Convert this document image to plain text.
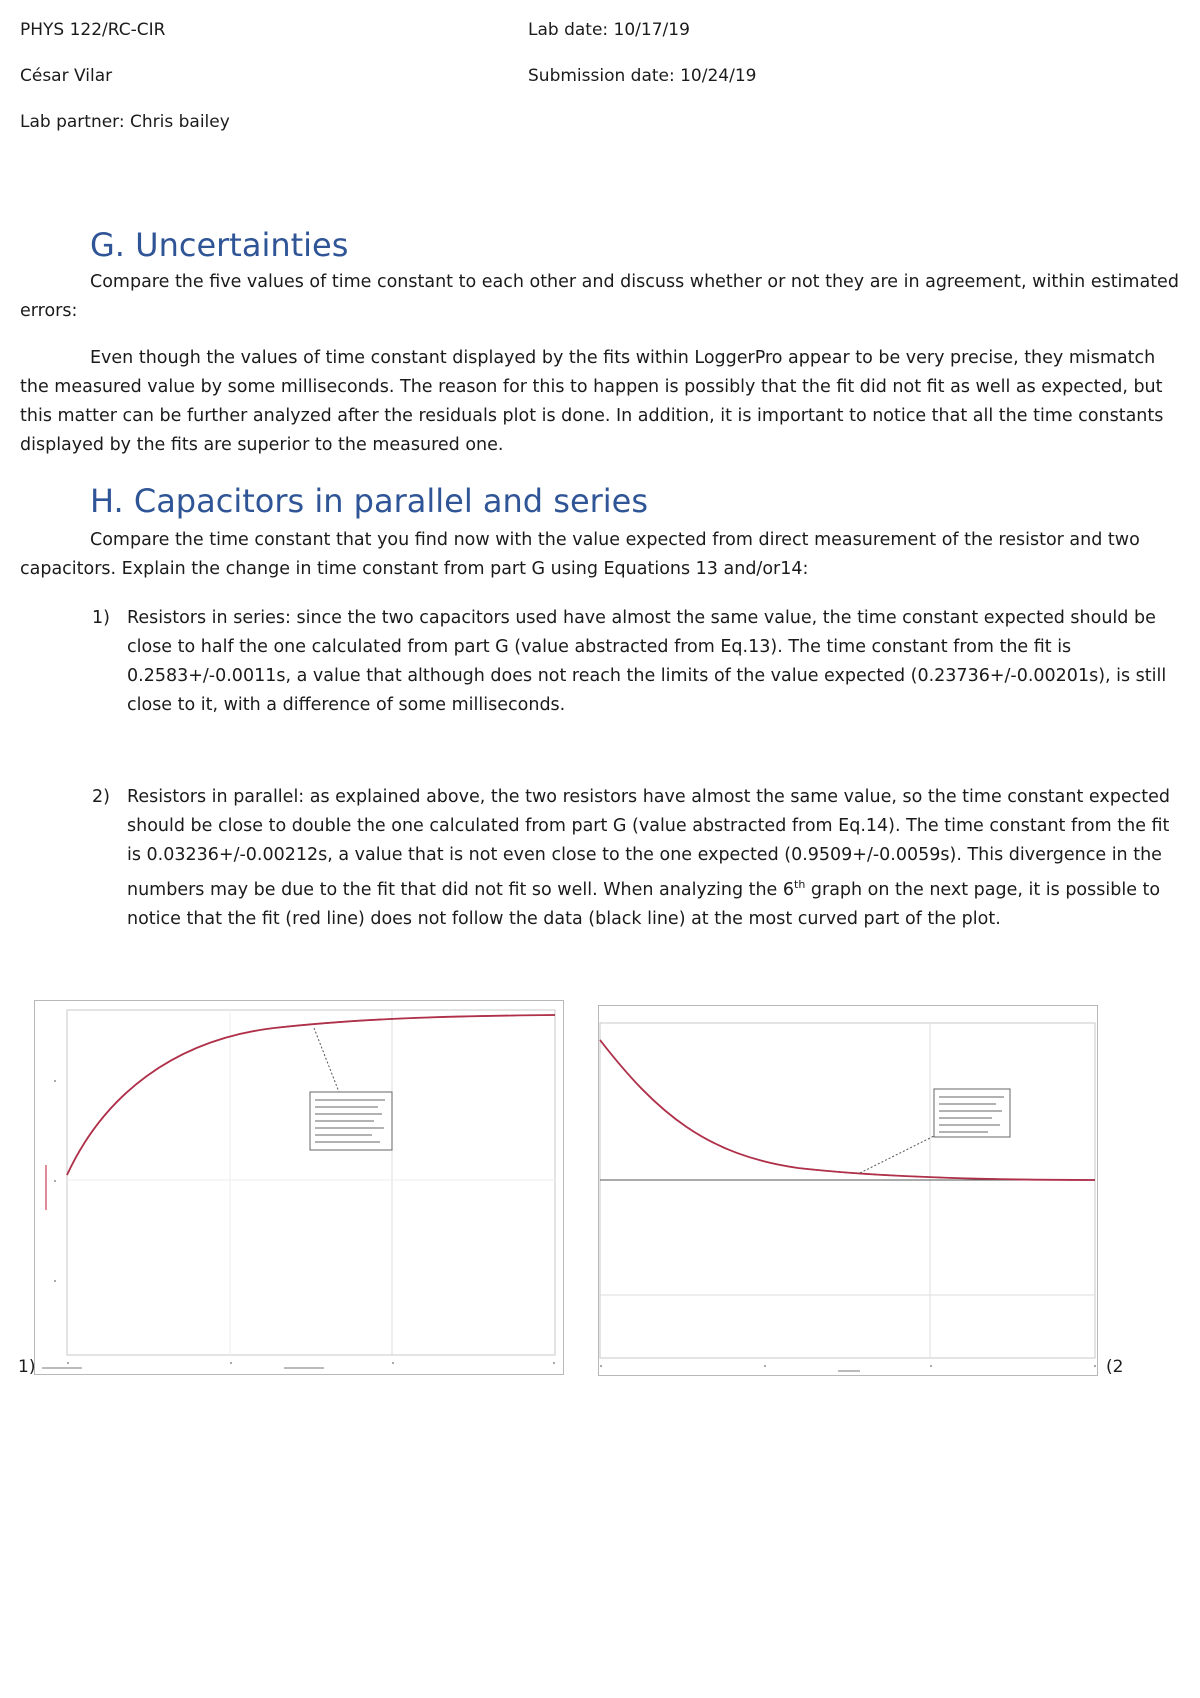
PHYS 122/RC-CIR
César Vilar
Lab partner: Chris bailey
Lab date: 10/17/19
Submission date: 10/24/19
G. Uncertainties

Compare the five values of time constant to each other and discuss whether or not they are in agreement, within estimated errors:

Even though the values of time constant displayed by the fits within LoggerPro appear to be very precise, they mismatch the measured value by some milliseconds. The reason for this to happen is possibly that the fit did not fit as well as expected, but this matter can be further analyzed after the residuals plot is done. In addition, it is important to notice that all the time constants displayed by the fits are superior to the measured one.

H. Capacitors in parallel and series

Compare the time constant that you find now with the value expected from direct measurement of the resistor and two capacitors. Explain the change in time constant from part G using Equations 13 and/or14:

1) Resistors in series: since the two capacitors used have almost the same value, the time constant expected should be close to half the one calculated from part G (value abstracted from Eq.13). The time constant from the fit is 0.2583+/-0.0011s, a value that although does not reach the limits of the value expected (0.23736+/-0.00201s), is still close to it, with a difference of some milliseconds.
2) Resistors in parallel: as explained above, the two resistors have almost the same value, so the time constant expected should be close to double the one calculated from part G (value abstracted from Eq.14). The time constant from the fit is 0.03236+/-0.00212s, a value that is not even close to the one expected (0.9509+/-0.0059s). This divergence in the numbers may be due to the fit that did not fit so well. When analyzing the 6th graph on the next page, it is possible to notice that the fit (red line) does not follow the data (black line) at the most curved part of the plot.
1)	(2
